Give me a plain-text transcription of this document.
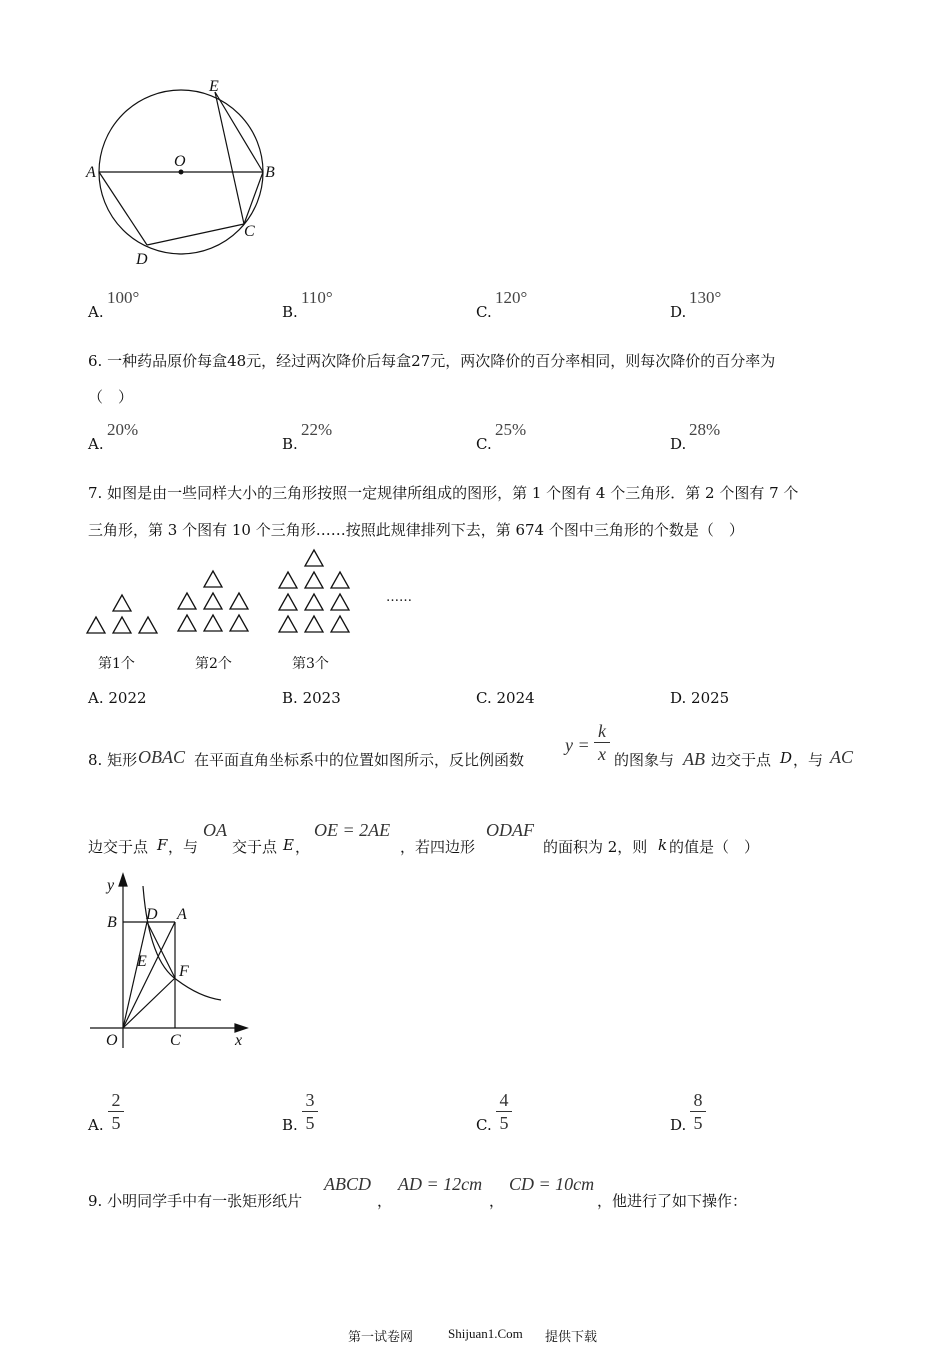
E
O
A	B
C
D
A.
100°
B.
110°
C.
120°
D.
130°
6. 一种药品原价每盒48元，经过两次降价后每盒27元，两次降价的百分率相同，则每次降价的百分率为
（　）
A.
20%
B.
22%
C.
25%
D.
28%
7. 如图是由一些同样大小的三角形按照一定规律所组成的图形，第 1 个图有 4 个三角形．第 2 个图有 7 个
三角形，第 3 个图有 10 个三角形……按照此规律排列下去，第 674 个图中三角形的个数是（　）
……
第1个	第2个	第3个
A. 2022	B. 2023	C. 2024	D. 2025
8. 矩形 OBAC 在平面直角坐标系中的位置如图所示，反比例函数
y =
k
x 的图象与 AB 边交于点 D ，与 AC
边交于点 F ，与
OA
交于点 E ，
OE = 2AE
，若四边形
ODAF
的面积为 2，则 k 的值是（　）
y
x
B D A
E
F
O	C
A.
2
5	B.
3
5	C.
4
5	D.
8
5
9. 小明同学手中有一张矩形纸片
ABCD
，
AD = 12cm
，
CD = 10cm
，他进行了如下操作：
第一试卷网	Shijuan1.Com 提供下载
